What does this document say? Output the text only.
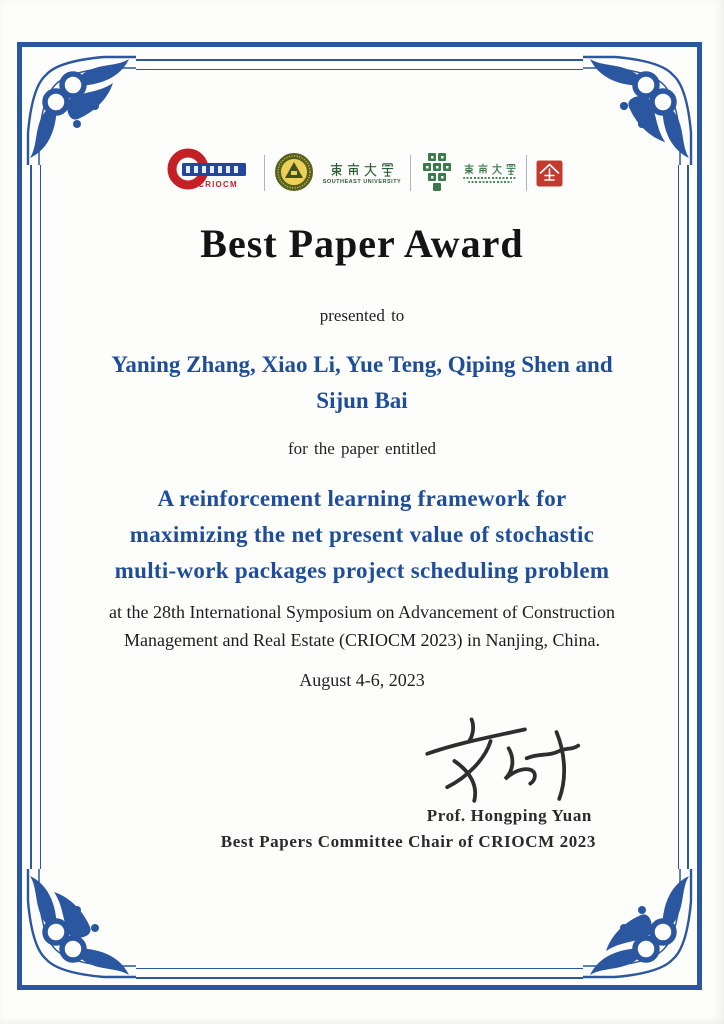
CRIOCM	SOUTHEAST UNIVERSITY
Best Paper Award
presented to
Yaning Zhang, Xiao Li, Yue Teng, Qiping Shen and
Sijun Bai
for the paper entitled
A reinforcement learning framework for
maximizing the net present value of stochastic
multi-work packages project scheduling problem
at the 28th International Symposium on Advancement of Construction
Management and Real Estate (CRIOCM 2023) in Nanjing, China.
August 4-6, 2023
Prof. Hongping Yuan
Best Papers Committee Chair of CRIOCM 2023
